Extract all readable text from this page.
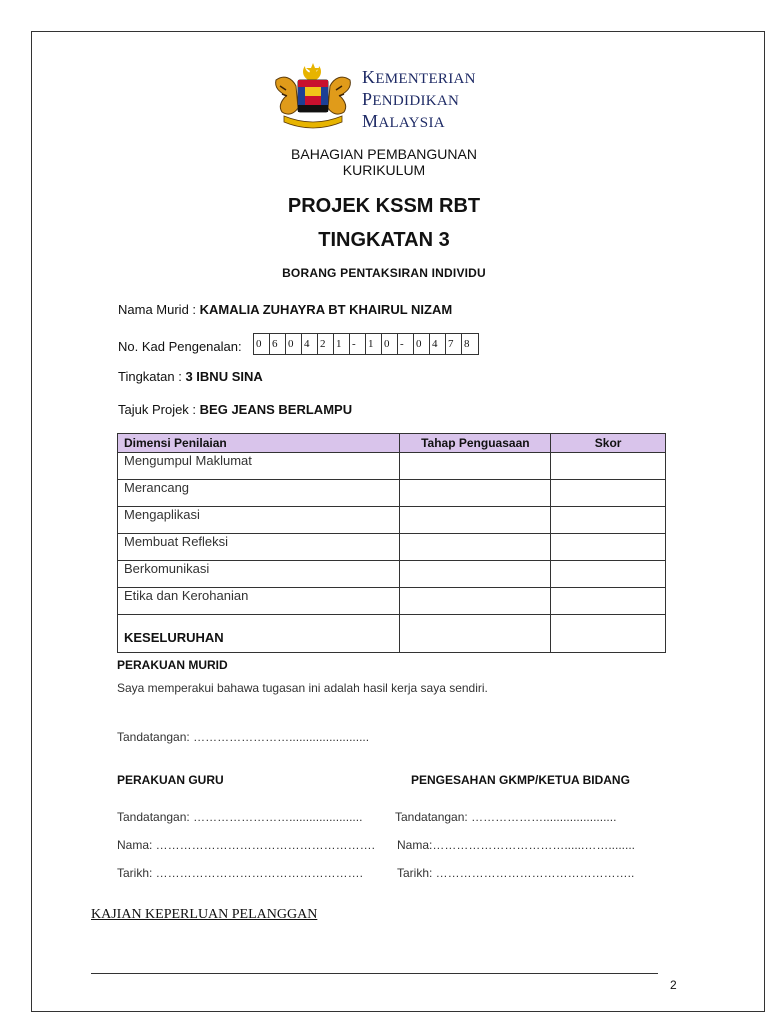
KEMENTERIAN
PENDIDIKAN
MALAYSIA
BAHAGIAN PEMBANGUNAN
KURIKULUM
PROJEK KSSM RBT
TINGKATAN 3
BORANG PENTAKSIRAN INDIVIDU
Nama Murid : KAMALIA ZUHAYRA BT KHAIRUL NIZAM
No. Kad Pengenalan: 0 6 0 4 2 1 -	1 0 -	0 4 7 8
Tingkatan : 3 IBNU SINA
Tajuk Projek : BEG JEANS BERLAMPU
Dimensi Penilaian	Tahap Penguasaan	Skor
Mengumpul Maklumat		
Merancang		
Mengaplikasi		
Membuat Refleksi		
Berkomunikasi		
Etika dan Kerohanian		
KESELURUHAN		
PERAKUAN MURID
Saya memperakui bahawa tugasan ini adalah hasil kerja saya sendiri.
Tandatangan: ……………………........................
PERAKUAN GURU	PENGESAHAN GKMP/KETUA BIDANG
Tandatangan: ……………………......................	Tandatangan: ………………......................
Nama: ………………………………………………. Nama:……………………………......……........
Tarikh: …………………………………………….	Tarikh: …………………………………………..
KAJIAN KEPERLUAN PELANGGAN
2
